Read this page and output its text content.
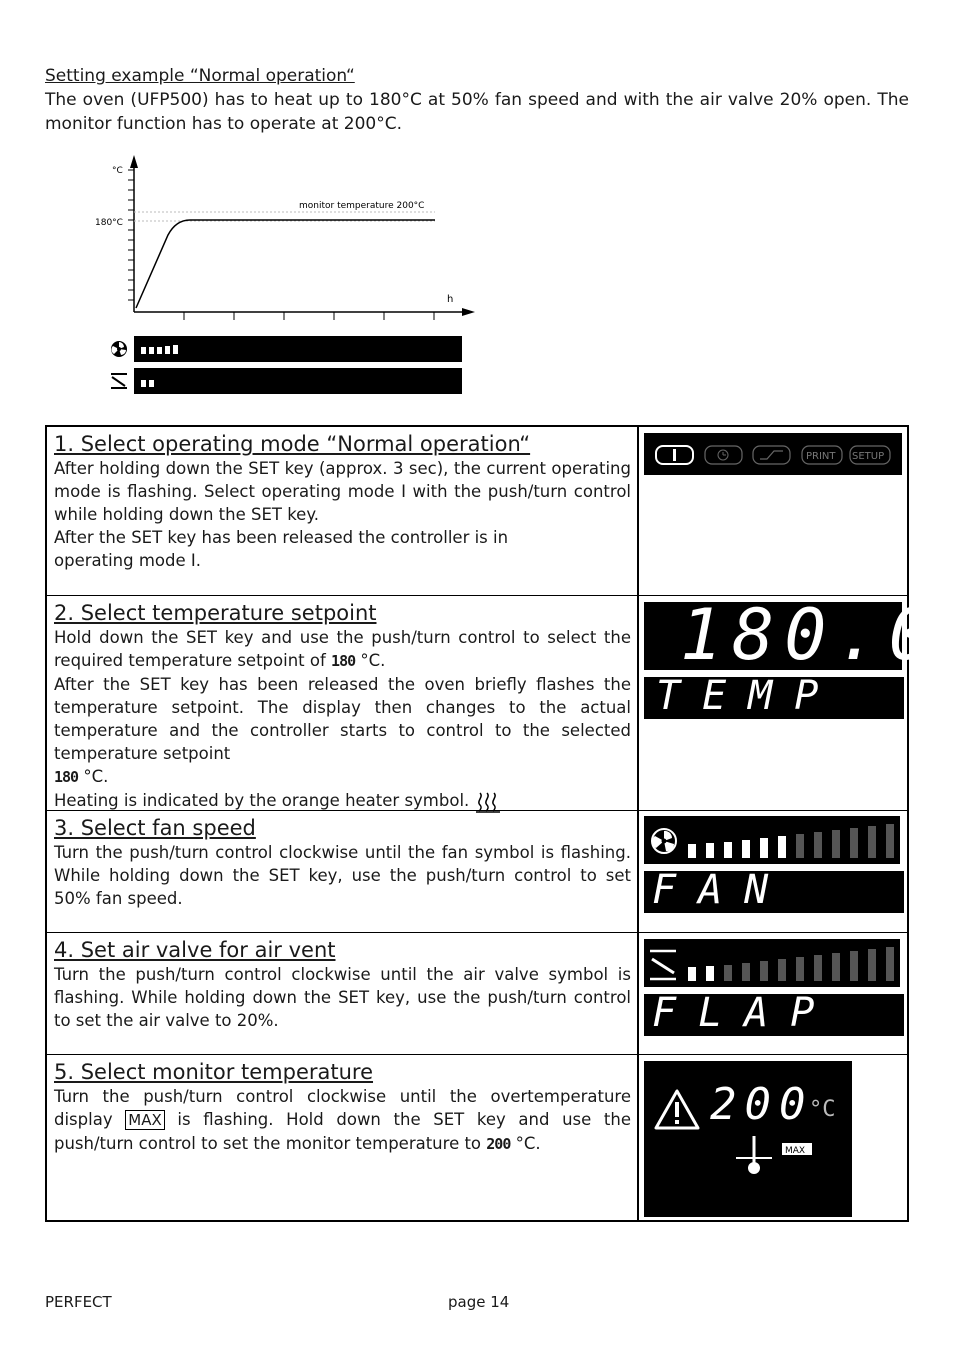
Setting example “Normal operation“

The oven (UFP500) has to heat up to 180°C at 50% fan speed and with the air valve 20% open. The monitor function has to operate at 200°C.

°C
180°C
monitor temperature 200°C
h
1. Select operating mode “Normal operation“

After holding down the SET key (approx. 3 sec), the current operating mode is flashing. Select operating mode I with the push/turn control while holding down the SET key.

After the SET key has been released the controller is in

operating mode I.

PRINT SETUP
2. Select temperature setpoint

Hold down the SET key and use the push/turn control to select the required temperature setpoint of 180 °C.

After the SET key has been released the oven briefly flashes the temperature setpoint. The display then changes to the actual temperature and the controller starts to control to the selected temperature setpoint

180 °C.

Heating is indicated by the orange heater symbol.

180.0
TEMP
3. Select fan speed

Turn the push/turn control clockwise until the fan symbol is flashing. While holding down the SET key, use the push/turn control to set 50% fan speed.	FAN
4. Set air valve for air vent

Turn the push/turn control clockwise until the air valve symbol is flashing. While holding down the SET key, use the push/turn control to set the air valve to 20%.	FLAP
5. Select monitor temperature

Turn the push/turn control clockwise until the overtemperature display MAX is flashing. Hold down the SET key and use the push/turn control to set the monitor temperature to 200 °C.	MAX
200
°C
PERFECT	page 14
